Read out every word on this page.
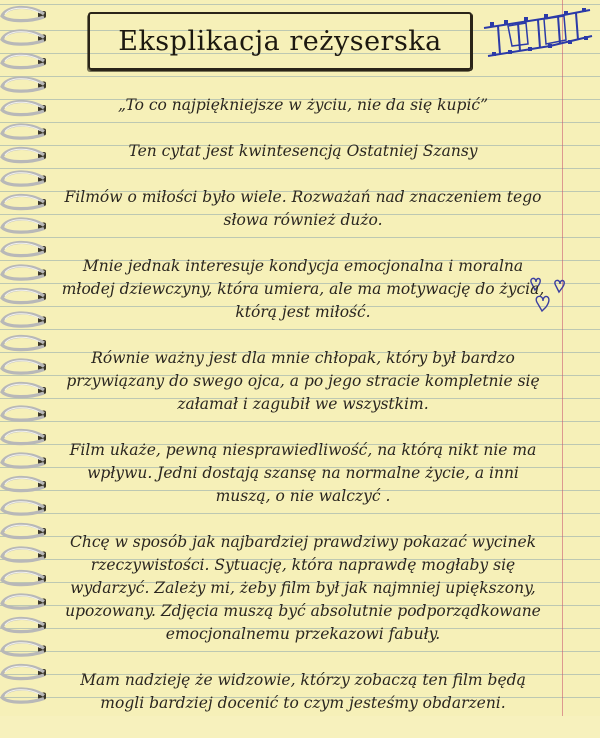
Eksplikacja reżyserska

„To co najpiękniejsze w życiu, nie da się kupić”

Ten cytat jest kwintesencją Ostatniej Szansy

Filmów o miłości było wiele. Rozważań nad znaczeniem tego słowa również dużo.

Mnie jednak interesuje kondycja emocjonalna i moralna młodej dziewczyny, która umiera, ale ma motywację do życia, którą jest miłość.

Równie ważny jest dla mnie chłopak, który był bardzo przywiązany do swego ojca, a po jego stracie kompletnie się załamał i zagubił we wszystkim.

Film ukaże, pewną niesprawiedliwość, na którą nikt nie ma wpływu. Jedni dostają szansę na normalne życie, a inni muszą, o nie walczyć .

Chcę w sposób jak najbardziej prawdziwy pokazać wycinek rzeczywistości. Sytuację, która naprawdę mogłaby się wydarzyć. Zależy mi, żeby film był jak najmniej upiększony, upozowany. Zdjęcia muszą być absolutnie podporządkowane emocjonalnemu przekazowi fabuły.

Mam nadzieję że widzowie, którzy zobaczą ten film będą mogli bardziej docenić to czym jesteśmy obdarzeni.
